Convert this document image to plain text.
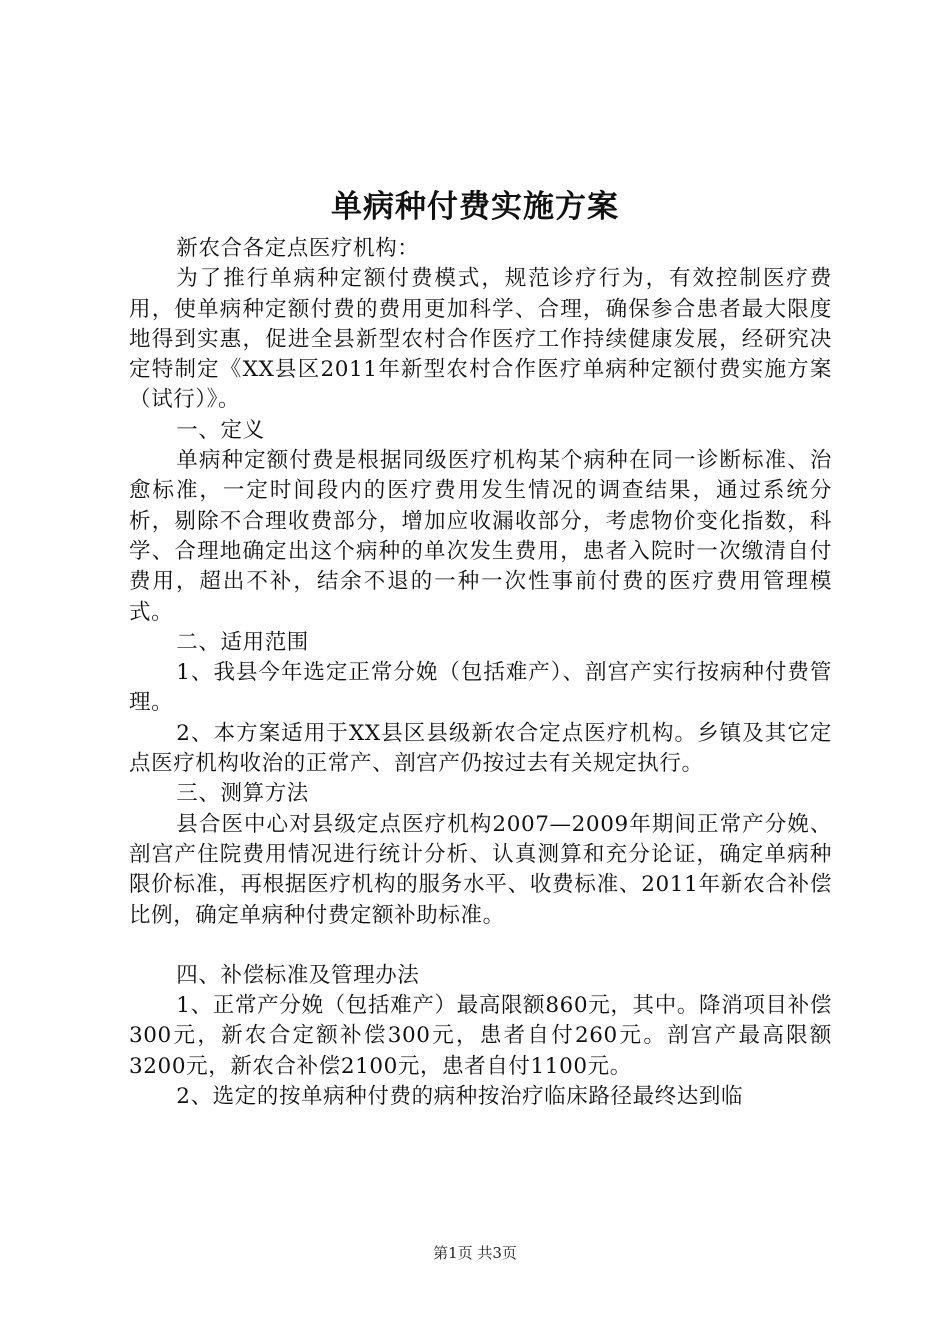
单病种付费实施方案

新农合各定点医疗机构：

为了推行单病种定额付费模式，规范诊疗行为，有效控制医疗费用，使单病种定额付费的费用更加科学、合理，确保参合患者最大限度地得到实惠，促进全县新型农村合作医疗工作持续健康发展，经研究决定特制定《XX县区2011年新型农村合作医疗单病种定额付费实施方案（试行）》。

一、定义

单病种定额付费是根据同级医疗机构某个病种在同一诊断标准、治愈标准，一定时间段内的医疗费用发生情况的调查结果，通过系统分析，剔除不合理收费部分，增加应收漏收部分，考虑物价变化指数，科学、合理地确定出这个病种的单次发生费用，患者入院时一次缴清自付费用，超出不补，结余不退的一种一次性事前付费的医疗费用管理模式。

二、适用范围

1、我县今年选定正常分娩（包括难产）、剖宫产实行按病种付费管理。

2、本方案适用于XX县区县级新农合定点医疗机构。乡镇及其它定点医疗机构收治的正常产、剖宫产仍按过去有关规定执行。

三、测算方法

县合医中心对县级定点医疗机构2007—2009年期间正常产分娩、剖宫产住院费用情况进行统计分析、认真测算和充分论证，确定单病种限价标准，再根据医疗机构的服务水平、收费标准、2011年新农合补偿比例，确定单病种付费定额补助标准。

四、补偿标准及管理办法

1、正常产分娩（包括难产）最高限额860元，其中。降消项目补偿300元，新农合定额补偿300元，患者自付260元。剖宫产最高限额3200元，新农合补偿2100元，患者自付1100元。

2、选定的按单病种付费的病种按治疗临床路径最终达到临

第1页 共3页
